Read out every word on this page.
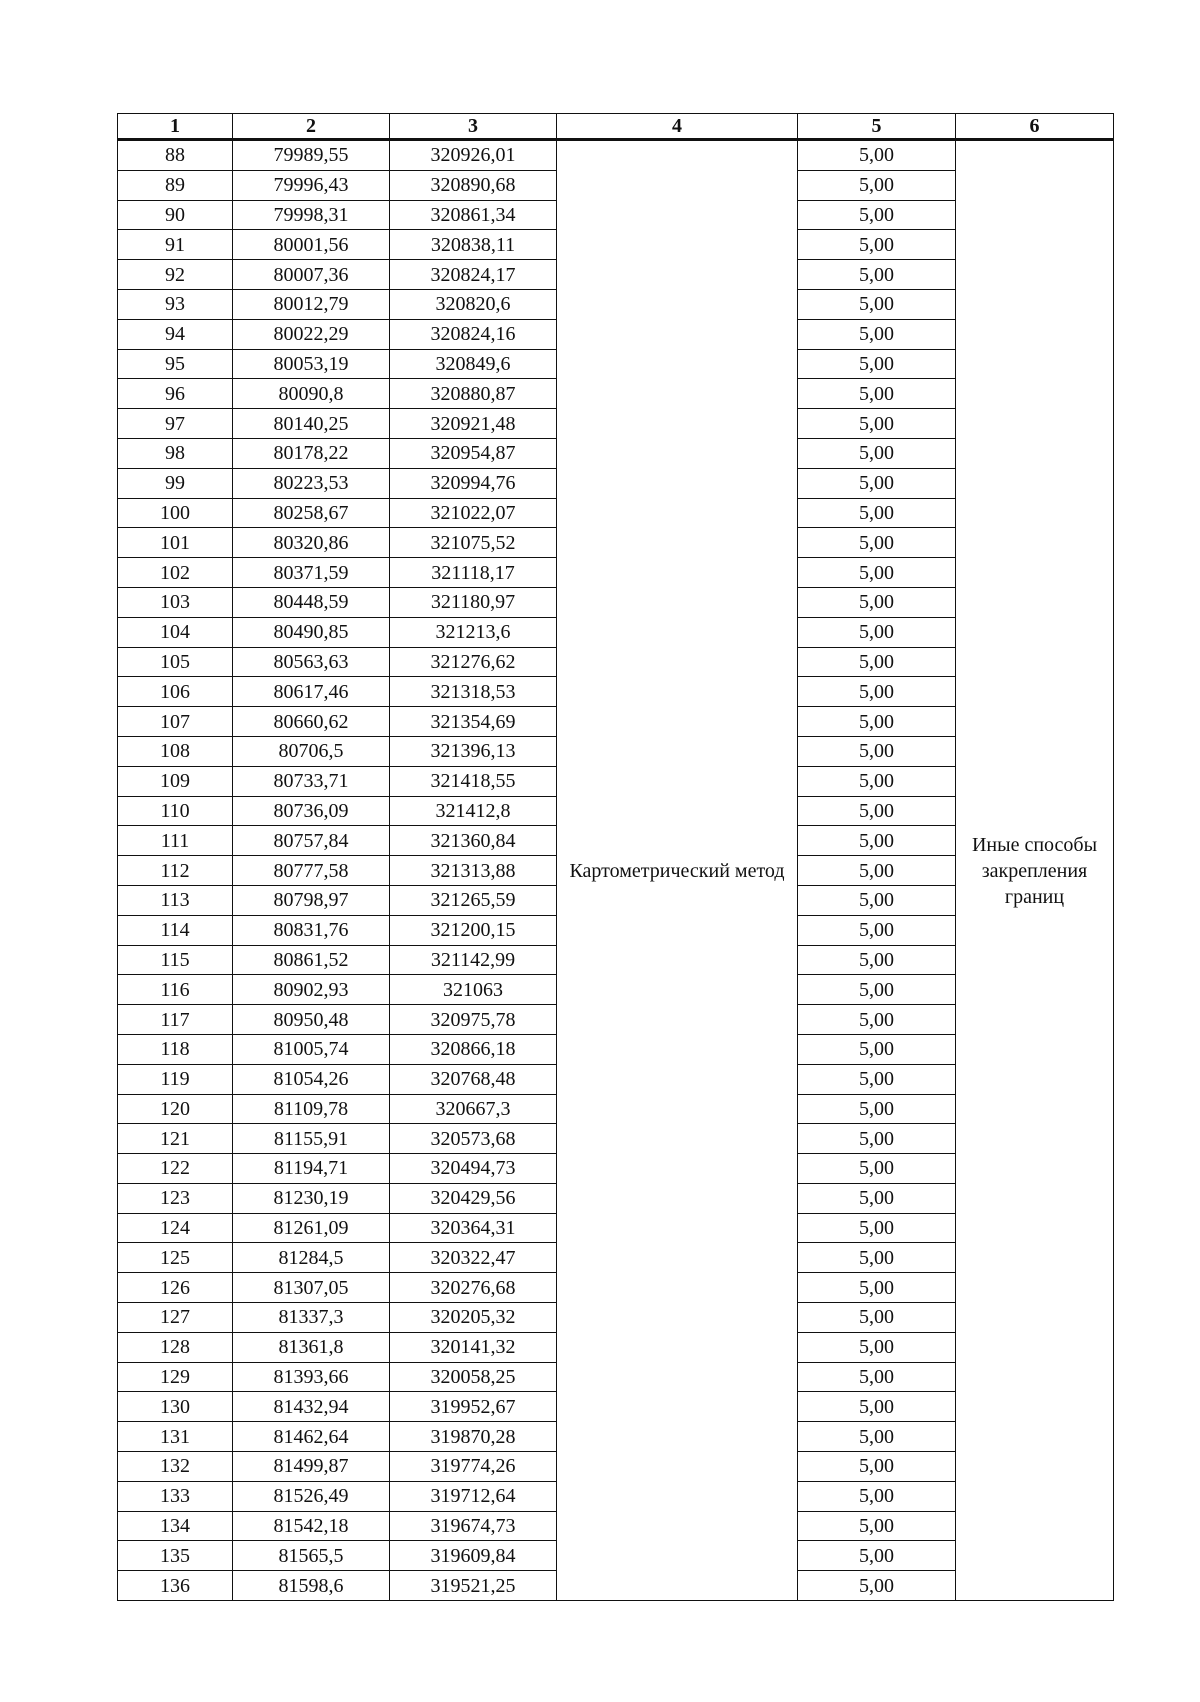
1	2	3	4	5	6
88	79989,55	320926,01	Картометрический метод	5,00	Иные способы закрепления границ
89	79996,43	320890,68		5,00	
90	79998,31	320861,34		5,00	
91	80001,56	320838,11		5,00	
92	80007,36	320824,17		5,00	
93	80012,79	320820,6		5,00	
94	80022,29	320824,16		5,00	
95	80053,19	320849,6		5,00	
96	80090,8	320880,87		5,00	
97	80140,25	320921,48		5,00	
98	80178,22	320954,87		5,00	
99	80223,53	320994,76		5,00	
100	80258,67	321022,07		5,00	
101	80320,86	321075,52		5,00	
102	80371,59	321118,17		5,00	
103	80448,59	321180,97		5,00	
104	80490,85	321213,6		5,00	
105	80563,63	321276,62		5,00	
106	80617,46	321318,53		5,00	
107	80660,62	321354,69		5,00	
108	80706,5	321396,13		5,00	
109	80733,71	321418,55		5,00	
110	80736,09	321412,8		5,00	
111	80757,84	321360,84		5,00	
112	80777,58	321313,88		5,00	
113	80798,97	321265,59		5,00	
114	80831,76	321200,15		5,00	
115	80861,52	321142,99		5,00	
116	80902,93	321063		5,00	
117	80950,48	320975,78		5,00	
118	81005,74	320866,18		5,00	
119	81054,26	320768,48		5,00	
120	81109,78	320667,3		5,00	
121	81155,91	320573,68		5,00	
122	81194,71	320494,73		5,00	
123	81230,19	320429,56		5,00	
124	81261,09	320364,31		5,00	
125	81284,5	320322,47		5,00	
126	81307,05	320276,68		5,00	
127	81337,3	320205,32		5,00	
128	81361,8	320141,32		5,00	
129	81393,66	320058,25		5,00	
130	81432,94	319952,67		5,00	
131	81462,64	319870,28		5,00	
132	81499,87	319774,26		5,00	
133	81526,49	319712,64		5,00	
134	81542,18	319674,73		5,00	
135	81565,5	319609,84		5,00	
136	81598,6	319521,25		5,00	
